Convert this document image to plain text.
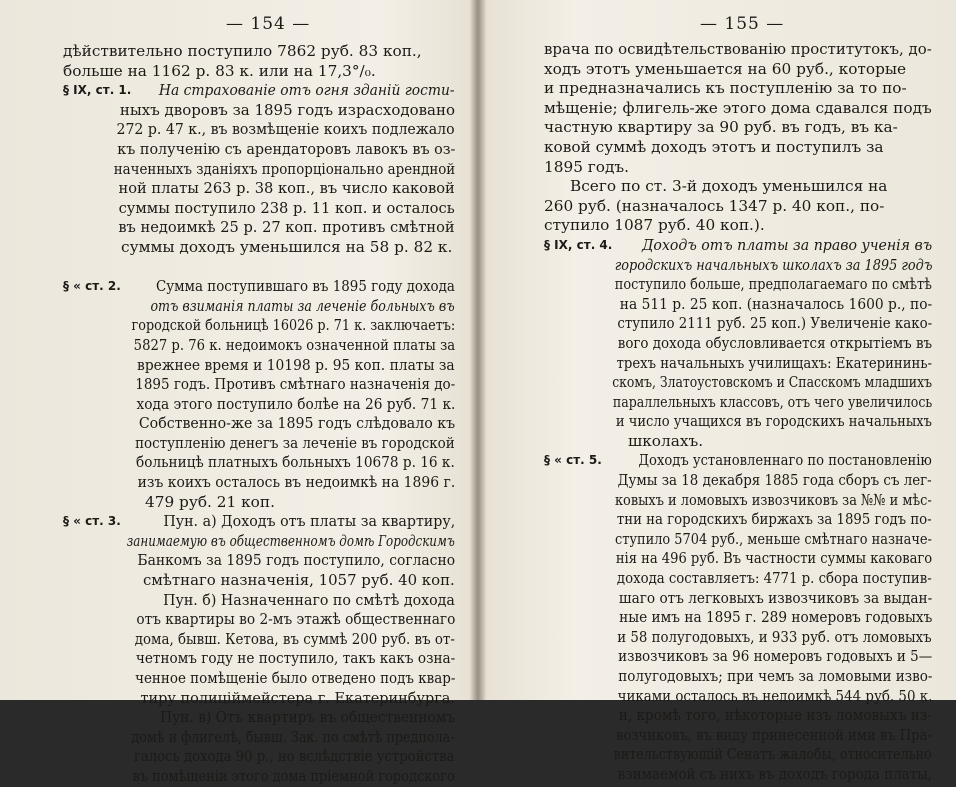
— 154 —
дѣйствительно поступило 7862 руб. 83 коп.,
больше на 1162 р. 83 к. или на 17,3°/₀.
§ IX, ст. 1. На страхованіе отъ огня зданій гости-
ныхъ дворовъ за 1895 годъ израсходовано
272 р. 47 к., въ возмѣщеніе коихъ подлежало
къ полученію съ арендаторовъ лавокъ въ оз-
наченныхъ зданіяхъ пропорціонально арендной
ной платы 263 р. 38 коп., въ число каковой
суммы поступило 238 р. 11 коп. и осталось
въ недоимкѣ 25 р. 27 коп. противъ смѣтной
суммы доходъ уменьшился на 58 р. 82 к.
§ « ст. 2. Сумма поступившаго въ 1895 году дохода
отъ взиманія платы за леченіе больныхъ въ
городской больницѣ 16026 р. 71 к. заключаетъ:
5827 р. 76 к. недоимокъ означенной платы за
врежнее время и 10198 р. 95 коп. платы за
1895 годъ. Противъ смѣтнаго назначенія до-
хода этого поступило болѣе на 26 руб. 71 к.
Собственно-же за 1895 годъ слѣдовало къ
поступленію денегъ за леченіе въ городской
больницѣ платныхъ больныхъ 10678 р. 16 к.
изъ коихъ осталось въ недоимкѣ на 1896 г.
479 руб. 21 коп.
§ « ст. 3.	Пун. а) Доходъ отъ платы за квартиру,
занимаемую въ общественномъ домѣ Городскимъ
Банкомъ за 1895 годъ поступило, согласно
смѣтнаго назначенія, 1057 руб. 40 коп.
Пун. б) Назначеннаго по смѣтѣ дохода
отъ квартиры во 2-мъ этажѣ общественнаго
дома, бывш. Кетова, въ суммѣ 200 руб. въ от-
четномъ году не поступило, такъ какъ озна-
ченное помѣщеніе было отведено подъ квар-
тиру полиціймейстера г. Екатеринбурга.
Пун. в) Отъ квартиръ въ общественномъ
домѣ и флигелѣ, бывш. Зак. по смѣтѣ предпола-
галось дохода 90 р., но вслѣдствіе устройства
въ помѣщеніи этого дома пріемной городского
— 155 —
врача по освидѣтельствованію проститутокъ, до-
ходъ этотъ уменьшается на 60 руб., которые
и предназначались къ поступленію за то по-
мѣщеніе; флигель-же этого дома сдавался подъ
частную квартиру за 90 руб. въ годъ, въ ка-
ковой суммѣ доходъ этотъ и поступилъ за
1895 годъ.
Всего по ст. 3-й доходъ уменьшился на
260 руб. (назначалось 1347 р. 40 коп., по-
ступило 1087 руб. 40 коп.).
§ IX, ст. 4. Доходъ отъ платы за право ученія въ
городскихъ начальныхъ школахъ за 1895 годъ
поступило больше, предполагаемаго по смѣтѣ
на 511 р. 25 коп. (назначалось 1600 р., по-
ступило 2111 руб. 25 коп.) Увеличеніе како-
вого дохода обусловливается открытіемъ въ
трехъ начальныхъ училищахъ: Екатерининь-
скомъ, Златоустовскомъ и Спасскомъ младшихъ
параллельныхъ классовъ, отъ чего увеличилось
и число учащихся въ городскихъ начальныхъ
школахъ.
§ « ст. 5. Доходъ установленнаго по постановленію
Думы за 18 декабря 1885 года сборъ съ лег-
ковыхъ и ломовыхъ извозчиковъ за №№ и мѣс-
тни на городскихъ биржахъ за 1895 годъ по-
ступило 5704 руб., меньше смѣтнаго назначе-
нія на 496 руб. Въ частности суммы каковаго
дохода составляетъ: 4771 р. сбора поступив-
шаго отъ легковыхъ извозчиковъ за выдан-
ные имъ на 1895 г. 289 номеровъ годовыхъ
и 58 полугодовыхъ, и 933 руб. отъ ломовыхъ
извозчиковъ за 96 номеровъ годовыхъ и 5—
полугодовыхъ; при чемъ за ломовыми изво-
чиками осталось въ недоимкѣ 544 руб. 50 к.
и, кромѣ того, нѣкоторые изъ ломовыхъ из-
возчиковъ, въ виду принесенной ими въ Пра-
вительствующій Сенатъ жалобы, относительно
взимаемой съ нихъ въ доходъ города платы,
